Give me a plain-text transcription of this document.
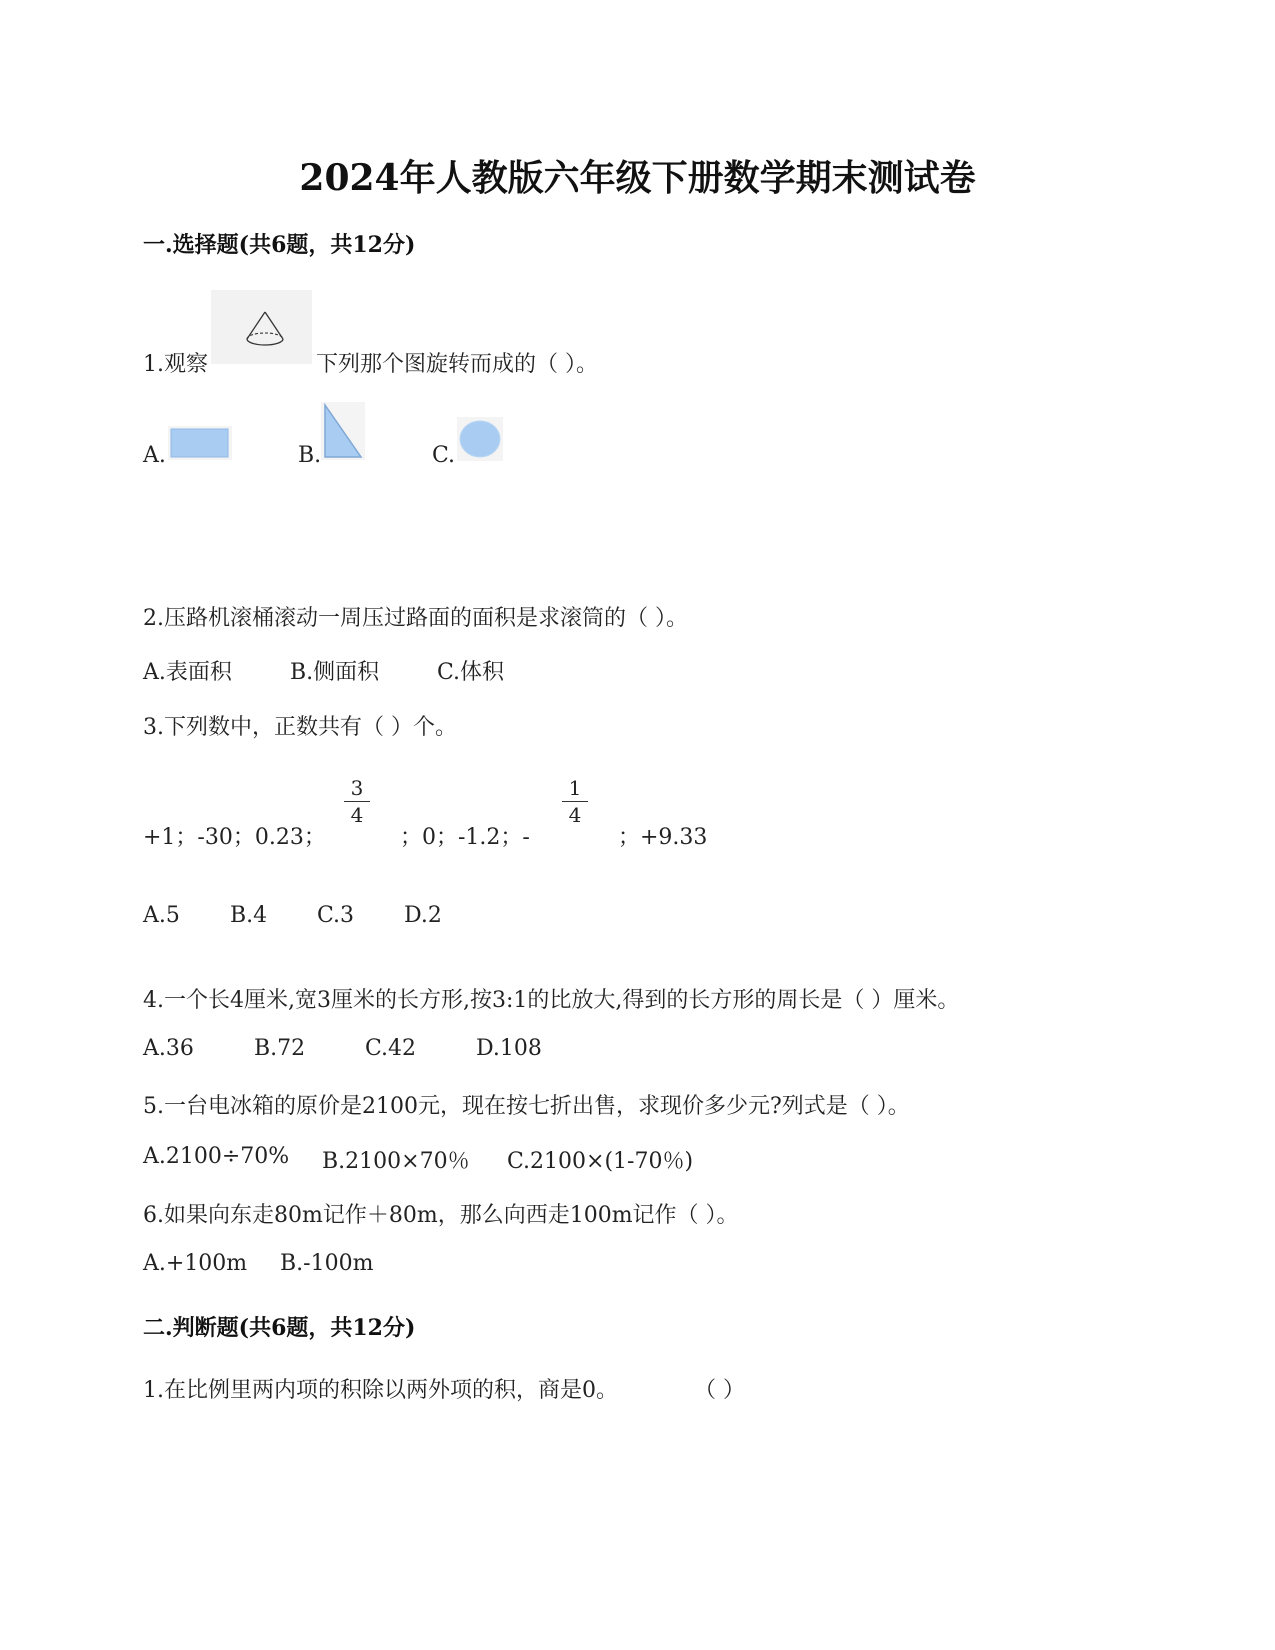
2024年人教版六年级下册数学期末测试卷
一.选择题(共6题，共12分)
1.观察	下列那个图旋转而成的（ ）。
A.	B.	C.
2.压路机滚桶滚动一周压过路面的面积是求滚筒的（ ）。
A.表面积	B.侧面积	C.体积
3.下列数中，正数共有（ ）个。
+1；-30；0.23；
3
4
；0；-1.2；-
1
4
；+9.33
A.5 B.4 C.3 D.2
4.一个长4厘米,宽3厘米的长方形,按3:1的比放大,得到的长方形的周长是（ ）厘米。
A.36	B.72	C.42	D.108
5.一台电冰箱的原价是2100元，现在按七折出售，求现价多少元?列式是（ ）。
A.2100÷70% B.2100×70％ C.2100×(1-70％)
6.如果向东走80m记作＋80m，那么向西走100m记作（ ）。
A.+100m B.-100m
二.判断题(共6题，共12分)
1.在比例里两内项的积除以两外项的积，商是0。	（ ）
